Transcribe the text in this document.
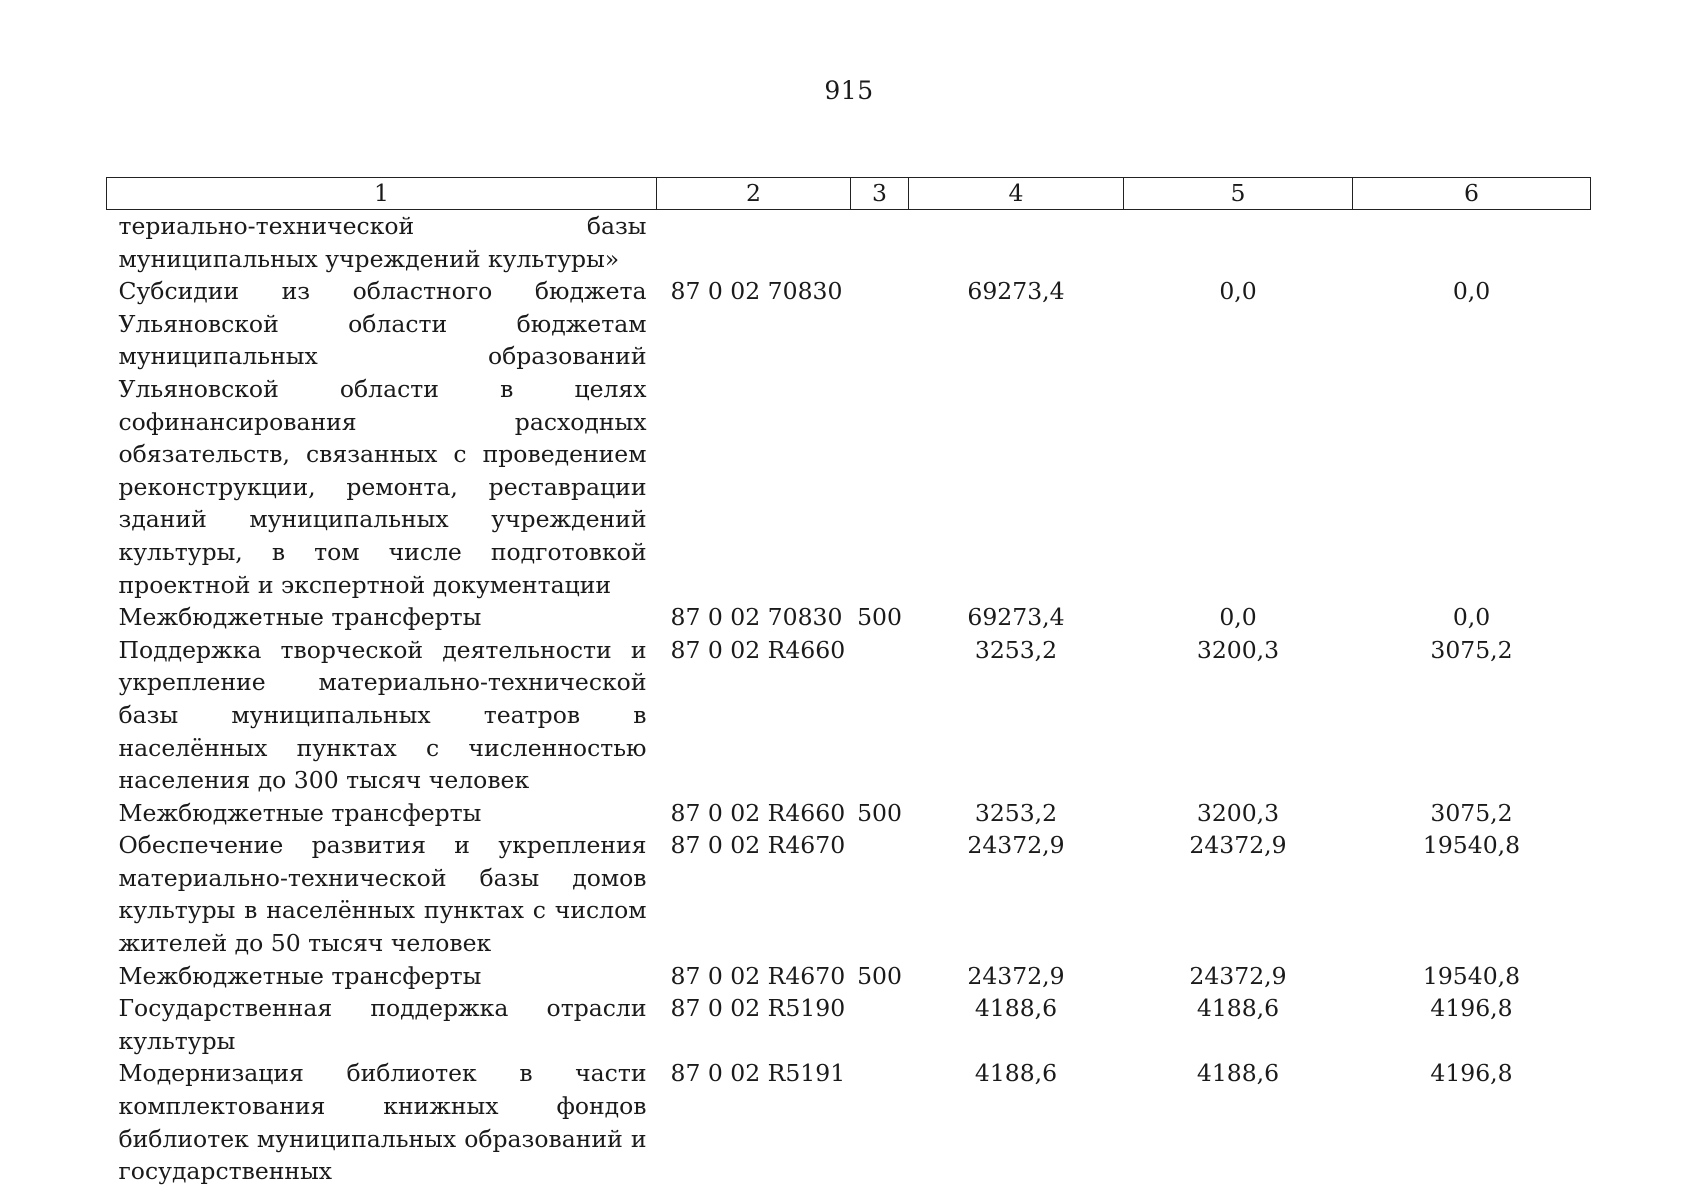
915
1	2	3	4	5	6
териально-технической базы муниципальных учреждений культуры»					
Субсидии из областного бюджета Ульяновской области бюджетам муниципальных образований Ульяновской области в целях софинансирования расходных обязательств, связанных с проведением реконструкции, ремонта, реставрации зданий муниципальных учреждений культуры, в том числе подготовкой проектной и экспертной документации	87 0 02 70830		69273,4	0,0	0,0
Межбюджетные трансферты	87 0 02 70830	500	69273,4	0,0	0,0
Поддержка творческой деятельности и укрепление материально-технической базы муниципальных театров в населённых пунктах с численностью населения до 300 тысяч человек	87 0 02 R4660		3253,2	3200,3	3075,2
Межбюджетные трансферты	87 0 02 R4660	500	3253,2	3200,3	3075,2
Обеспечение развития и укрепления материально-технической базы домов культуры в населённых пунктах с числом жителей до 50 тысяч человек	87 0 02 R4670		24372,9	24372,9	19540,8
Межбюджетные трансферты	87 0 02 R4670	500	24372,9	24372,9	19540,8
Государственная поддержка отрасли культуры	87 0 02 R5190		4188,6	4188,6	4196,8
Модернизация библиотек в части комплектования книжных фондов библиотек муниципальных образований и государственных	87 0 02 R5191		4188,6	4188,6	4196,8
